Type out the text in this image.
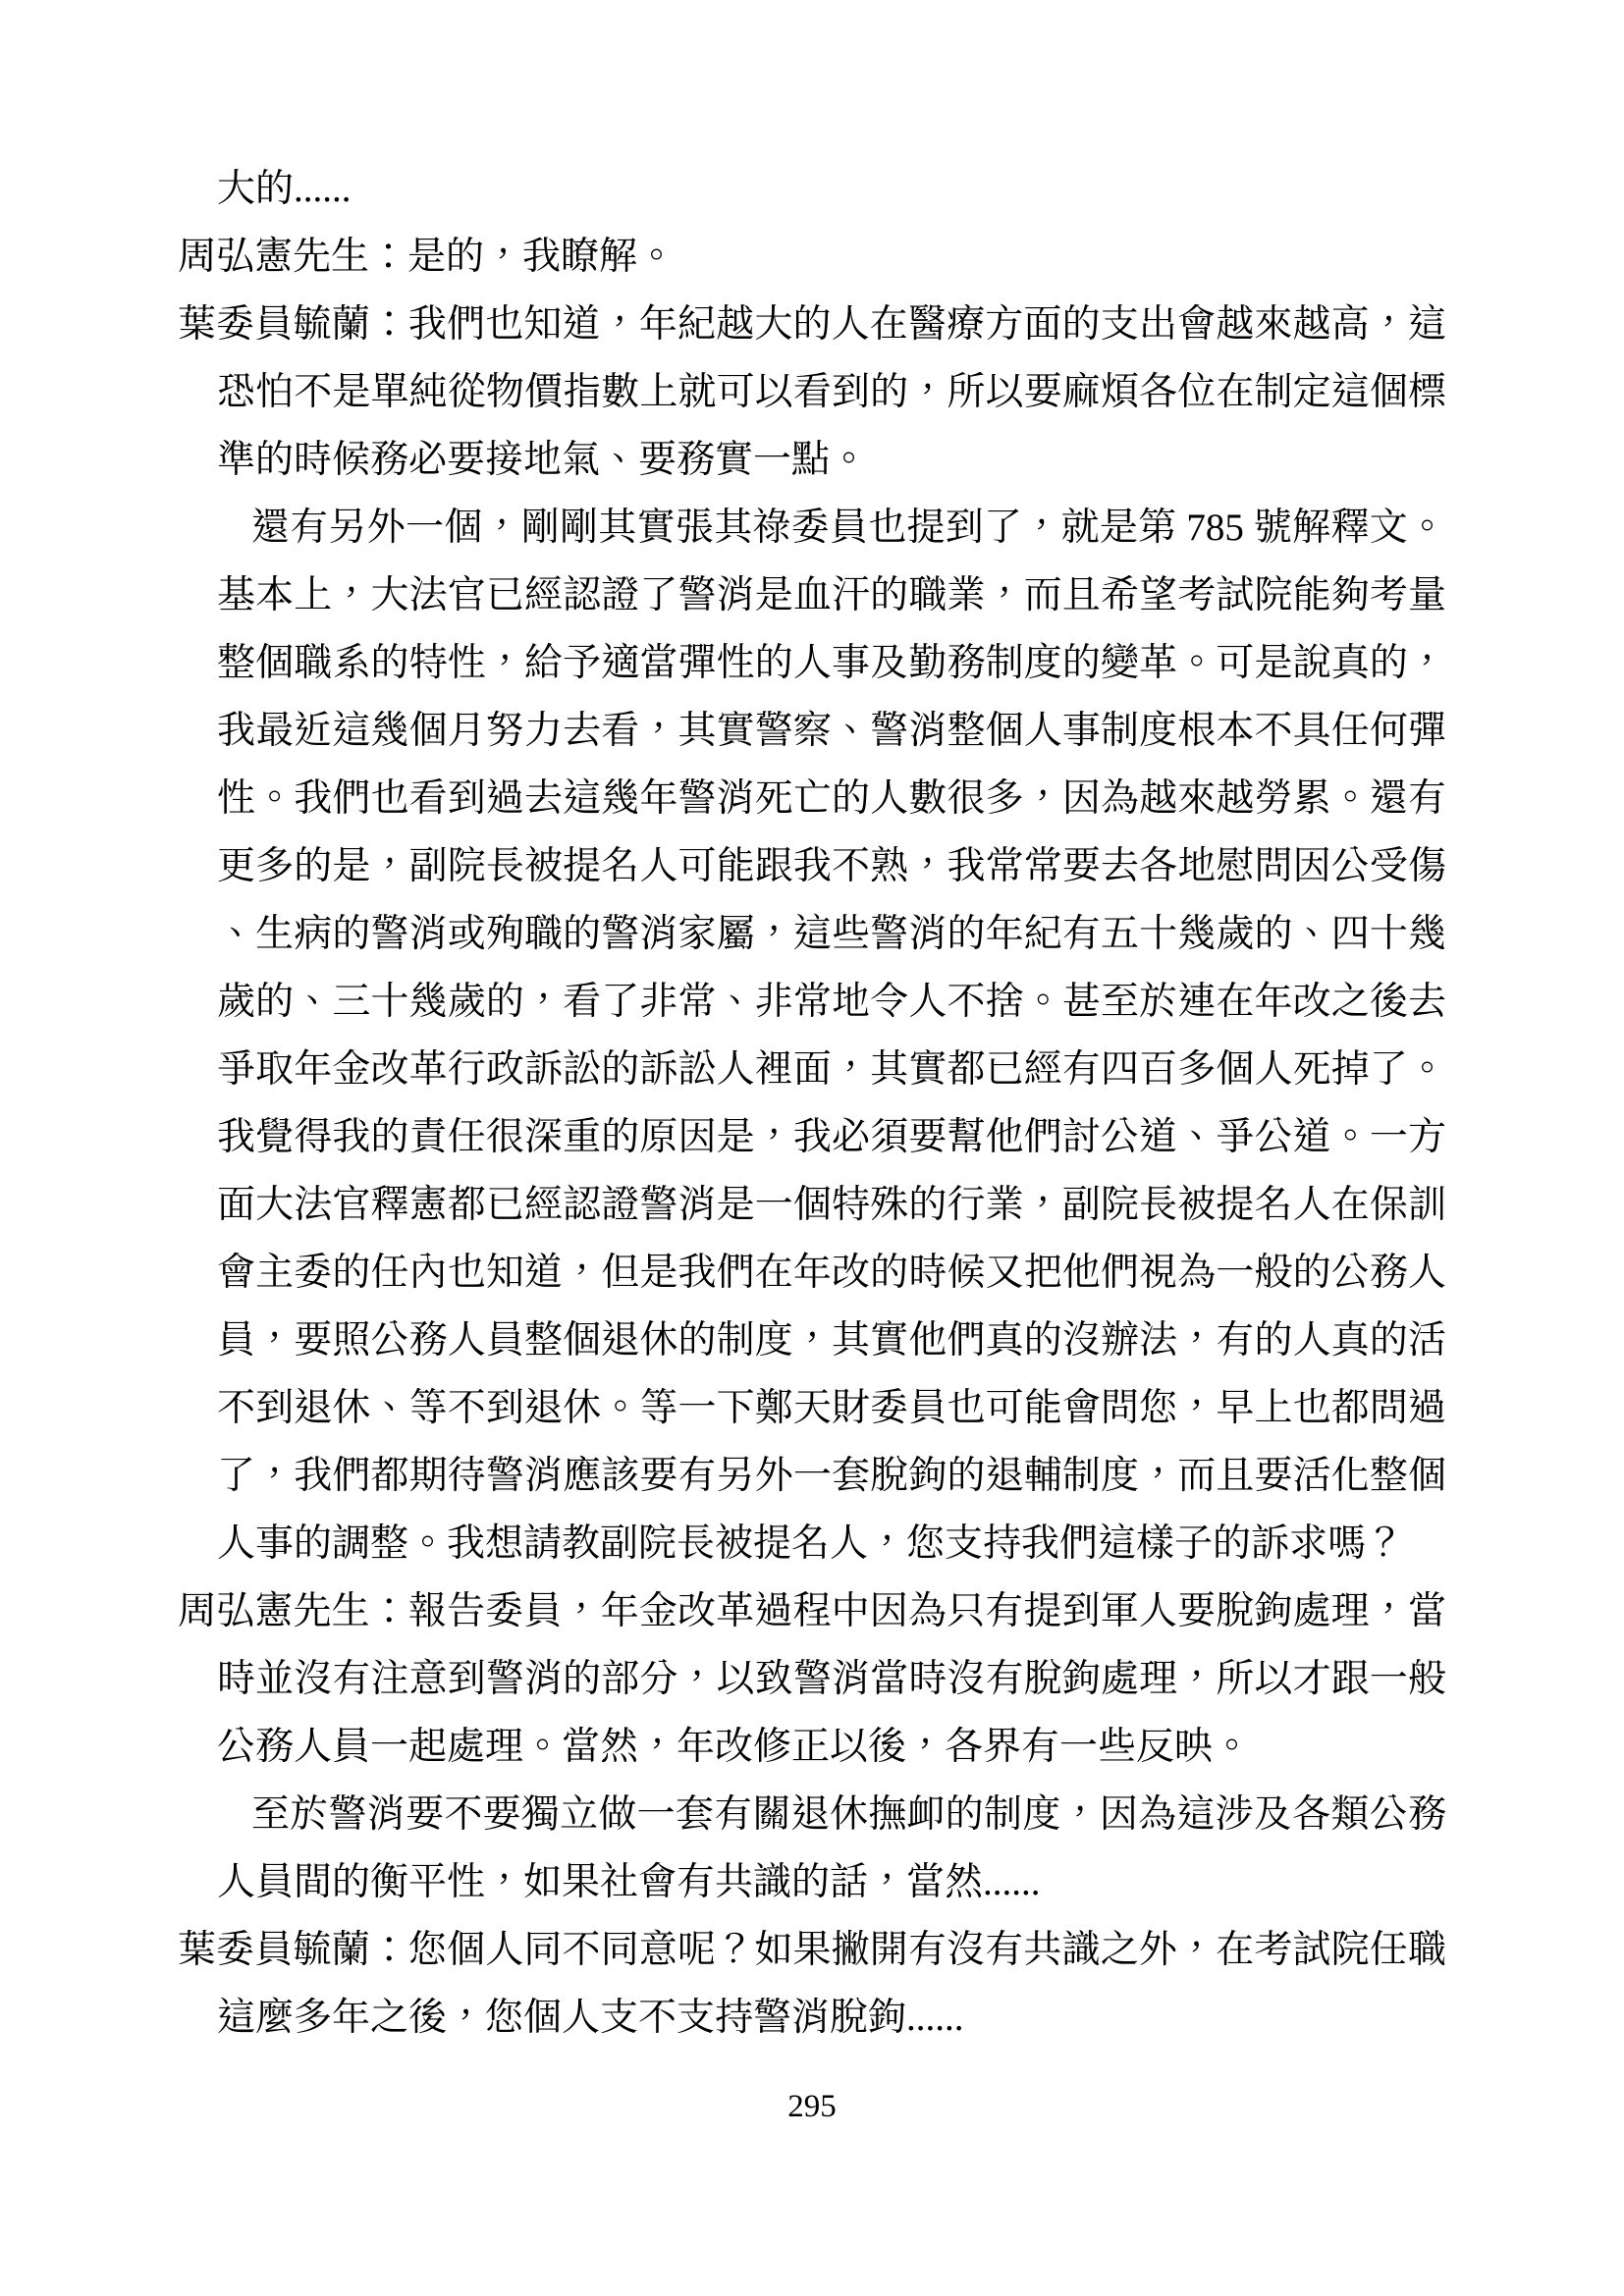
大的......
周弘憲先生：是的，我瞭解。
葉委員毓蘭：我們也知道，年紀越大的人在醫療方面的支出會越來越高，這
恐怕不是單純從物價指數上就可以看到的，所以要麻煩各位在制定這個標
準的時候務必要接地氣、要務實一點。
還有另外一個，剛剛其實張其祿委員也提到了，就是第 785 號解釋文。
基本上，大法官已經認證了警消是血汗的職業，而且希望考試院能夠考量
整個職系的特性，給予適當彈性的人事及勤務制度的變革。可是說真的，
我最近這幾個月努力去看，其實警察、警消整個人事制度根本不具任何彈
性。我們也看到過去這幾年警消死亡的人數很多，因為越來越勞累。還有
更多的是，副院長被提名人可能跟我不熟，我常常要去各地慰問因公受傷
、生病的警消或殉職的警消家屬，這些警消的年紀有五十幾歲的、四十幾
歲的、三十幾歲的，看了非常、非常地令人不捨。甚至於連在年改之後去
爭取年金改革行政訴訟的訴訟人裡面，其實都已經有四百多個人死掉了。
我覺得我的責任很深重的原因是，我必須要幫他們討公道、爭公道。一方
面大法官釋憲都已經認證警消是一個特殊的行業，副院長被提名人在保訓
會主委的任內也知道，但是我們在年改的時候又把他們視為一般的公務人
員，要照公務人員整個退休的制度，其實他們真的沒辦法，有的人真的活
不到退休、等不到退休。等一下鄭天財委員也可能會問您，早上也都問過
了，我們都期待警消應該要有另外一套脫鉤的退輔制度，而且要活化整個
人事的調整。我想請教副院長被提名人，您支持我們這樣子的訴求嗎？
周弘憲先生：報告委員，年金改革過程中因為只有提到軍人要脫鉤處理，當
時並沒有注意到警消的部分，以致警消當時沒有脫鉤處理，所以才跟一般
公務人員一起處理。當然，年改修正以後，各界有一些反映。
至於警消要不要獨立做一套有關退休撫卹的制度，因為這涉及各類公務
人員間的衡平性，如果社會有共識的話，當然......
葉委員毓蘭：您個人同不同意呢？如果撇開有沒有共識之外，在考試院任職
這麼多年之後，您個人支不支持警消脫鉤......
295
